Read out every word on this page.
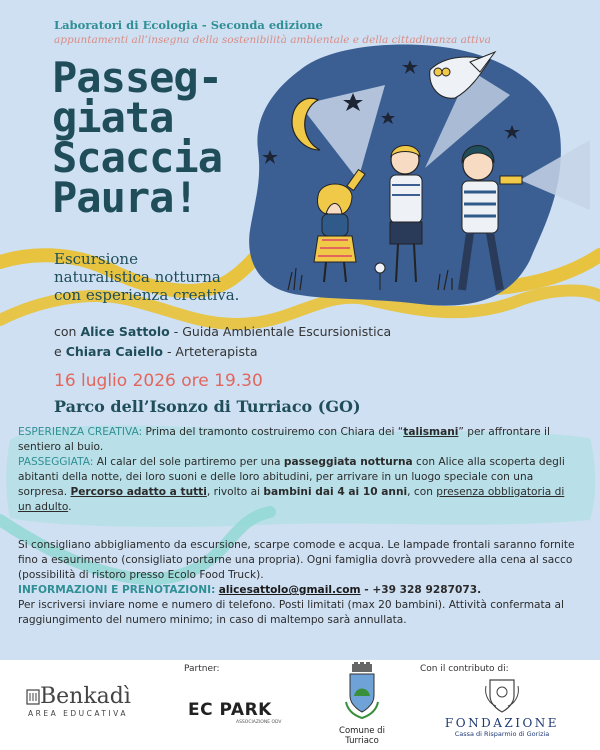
Laboratori di Ecologia - Seconda edizione
appuntamenti all’insegna della sostenibilità ambientale e della cittadinanza attiva
Passeg-
giata
Scaccia
Paura!
Escursione
naturalistica notturna
con esperienza creativa.
con Alice Sattolo - Guida Ambientale Escursionistica
e Chiara Caiello - Arteterapista
16 luglio 2026 ore 19.30
Parco dell’Isonzo di Turriaco (GO)
ESPERIENZA CREATIVA: Prima del tramonto costruiremo con Chiara dei “talismani” per affrontare il sentiero al buio.
PASSEGGIATA: Al calar del sole partiremo per una passeggiata notturna con Alice alla scoperta degli abitanti della notte, dei loro suoni e delle loro abitudini, per arrivare in un luogo speciale con una sorpresa. Percorso adatto a tutti, rivolto ai bambini dai 4 ai 10 anni, con presenza obbligatoria di un adulto.
Si consigliano abbigliamento da escursione, scarpe comode e acqua. Le lampade frontali saranno fornite fino a esaurimento (consigliato portarne una propria). Ogni famiglia dovrà provvedere alla cena al sacco (possibilità di ristoro presso Ecolo Food Truck).
INFORMAZIONI E PRENOTAZIONI: alicesattolo@gmail.com - +39 328 9287073.
Per iscriversi inviare nome e numero di telefono. Posti limitati (max 20 bambini). Attività confermata al raggiungimento del numero minimo; in caso di maltempo sarà annullata.
Partner:	Con il contributo di:
Benkadì
AREA EDUCATIVA	EC PARK
ASSOCIAZIONE ODV
Comune di Turriaco
FONDAZIONE
Cassa di Risparmio di Gorizia
